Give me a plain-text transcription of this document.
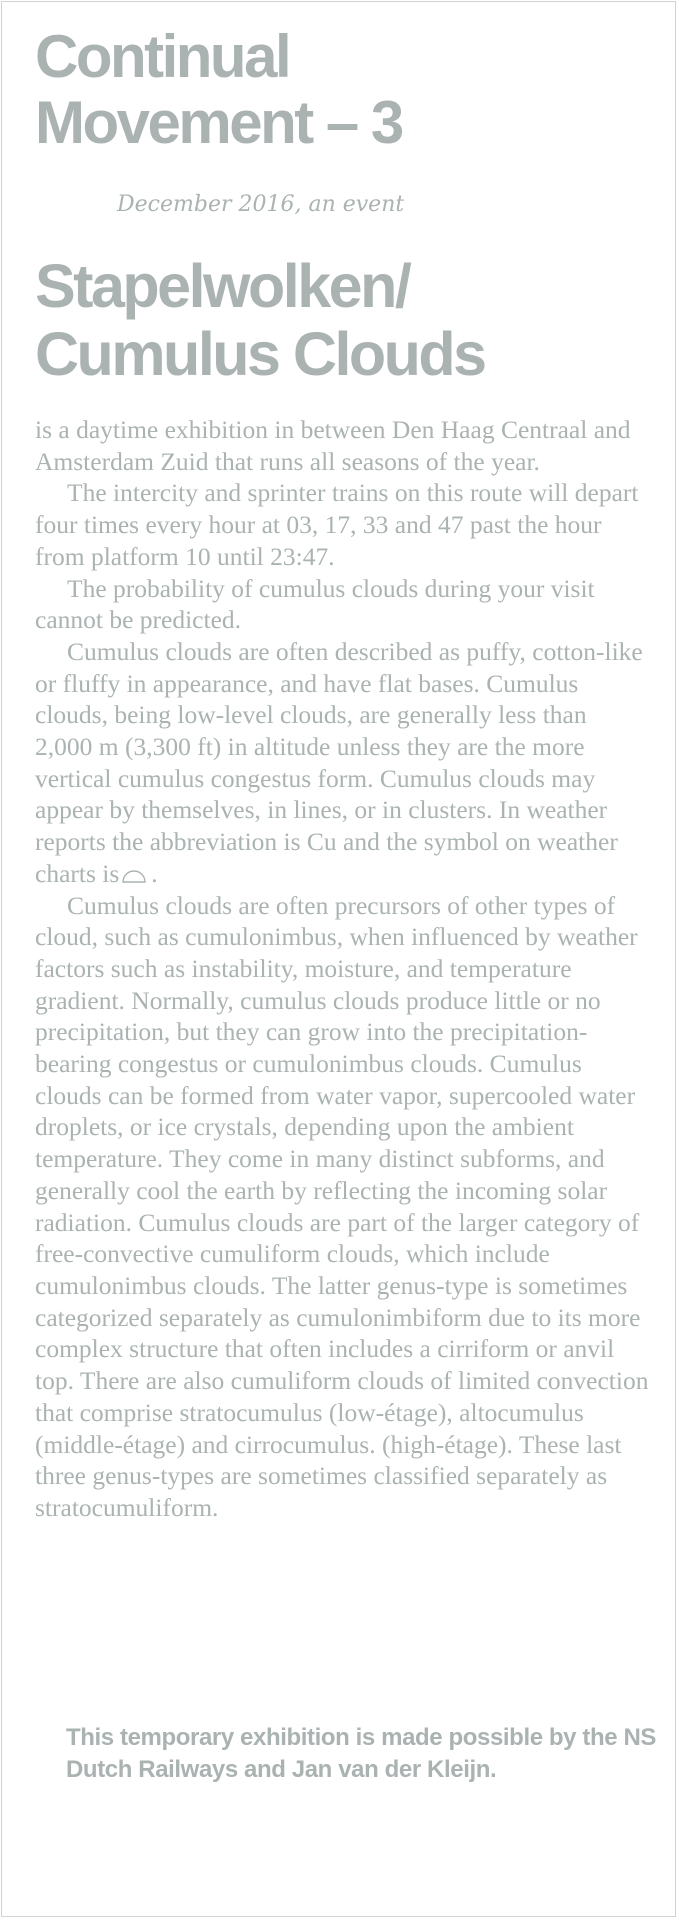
Continual
Movement – 3
December 2016, an event
Stapelwolken/
Cumulus Clouds

is a daytime exhibition in between Den Haag Centraal and Amsterdam Zuid that runs all seasons of the year.

The intercity and sprinter trains on this route will depart four times every hour at 03, 17, 33 and 47 past the hour from platform 10 until 23:47.

The probability of cumulus clouds during your visit cannot be predicted.

Cumulus clouds are often described as puffy, cotton-like or fluffy in appearance, and have flat bases. Cumulus clouds, being low-level clouds, are generally less than 2,000 m (3,300 ft) in altitude unless they are the more vertical cumulus congestus form. Cumulus clouds may appear by themselves, in lines, or in clusters. In weather reports the abbreviation is Cu and the symbol on weather charts is .

Cumulus clouds are often precursors of other types of cloud, such as cumulonimbus, when influenced by weather factors such as instability, moisture, and temperature gradient. Normally, cumulus clouds produce little or no precipitation, but they can grow into the precipitation-bearing congestus or cumulonimbus clouds. Cumulus clouds can be formed from water vapor, supercooled water droplets, or ice crystals, depending upon the ambient temperature. They come in many distinct subforms, and generally cool the earth by reflecting the incoming solar radiation. Cumulus clouds are part of the larger category of free-convective cumuliform clouds, which include cumulonimbus clouds. The latter genus-type is sometimes categorized separately as cumulonimbiform due to its more complex structure that often includes a cirriform or anvil top. There are also cumuliform clouds of limited convection that comprise stratocumulus (low-étage), altocumulus (middle-étage) and cirrocumulus. (high-étage). These last three genus-types are sometimes classified separately as stratocumuliform.

This temporary exhibition is made possible by the NS Dutch Railways and Jan van der Kleijn.
